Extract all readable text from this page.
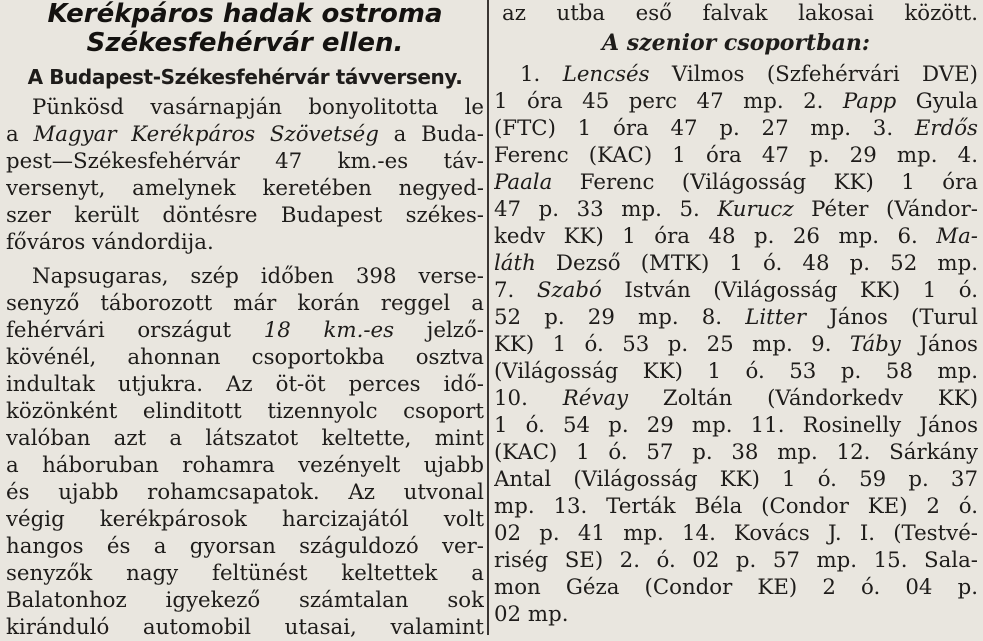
Kerékpáros hadak ostroma

Székesfehérvár ellen.

A Budapest-Székesfehérvár távverseny.

Pünkösd vasárnapján bonyolitotta le
a Magyar Kerékpáros Szövetség a Buda-
pest—Székesfehérvár 47 km.-es táv-
versenyt, amelynek keretében negyed-
szer került döntésre Budapest székes-
főváros vándordija.
Napsugaras, szép időben 398 versе-
senyző táborozott már korán reggel a
fehérvári országut 18 km.-es jelző-
kövénél, ahonnan csoportokba osztva
indultak utjukra. Az öt-öt perces idő-
közönként elinditott tizennyolc csoport
valóban azt a látszatot keltette, mint
a háboruban rohamra vezényelt ujabb
és ujabb rohamcsapatok. Az utvonal
végig kerékpárosok harcizajától volt
hangos és a gyorsan száguldozó ver-
senyzők nagy feltünést keltettek a
Balatonhoz igyekező számtalan sok
kiránduló automobil utasai, valamint
az utba eső falvak lakosai között.

A szenior csoportban:

1. Lencsés Vilmos (Szfehérvári DVE)
1 óra 45 perc 47 mp. 2. Papp Gyula
(FTC) 1 óra 47 p. 27 mp. 3. Erdős
Ferenc (KAC) 1 óra 47 p. 29 mp. 4.
Paala Ferenc (Világosság KK) 1 óra
47 p. 33 mp. 5. Kurucz Péter (Vándor-
kedv KK) 1 óra 48 p. 26 mp. 6. Ma-
láth Dezső (MTK) 1 ó. 48 p. 52 mp.
7. Szabó István (Világosság KK) 1 ó.
52 p. 29 mp. 8. Litter János (Turul
KK) 1 ó. 53 p. 25 mp. 9. Táby János
(Világosság KK) 1 ó. 53 p. 58 mp.
10. Révay Zoltán (Vándorkedv KK)
1 ó. 54 p. 29 mp. 11. Rosinelly János
(KAC) 1 ó. 57 p. 38 mp. 12. Sárkány
Antal (Világosság KK) 1 ó. 59 p. 37
mp. 13. Terták Béla (Condor KE) 2 ó.
02 p. 41 mp. 14. Kovács J. I. (Testvé-
riség SE) 2. ó. 02 p. 57 mp. 15. Sala-
mon Géza (Condor KE) 2 ó. 04 p.
02 mp.
